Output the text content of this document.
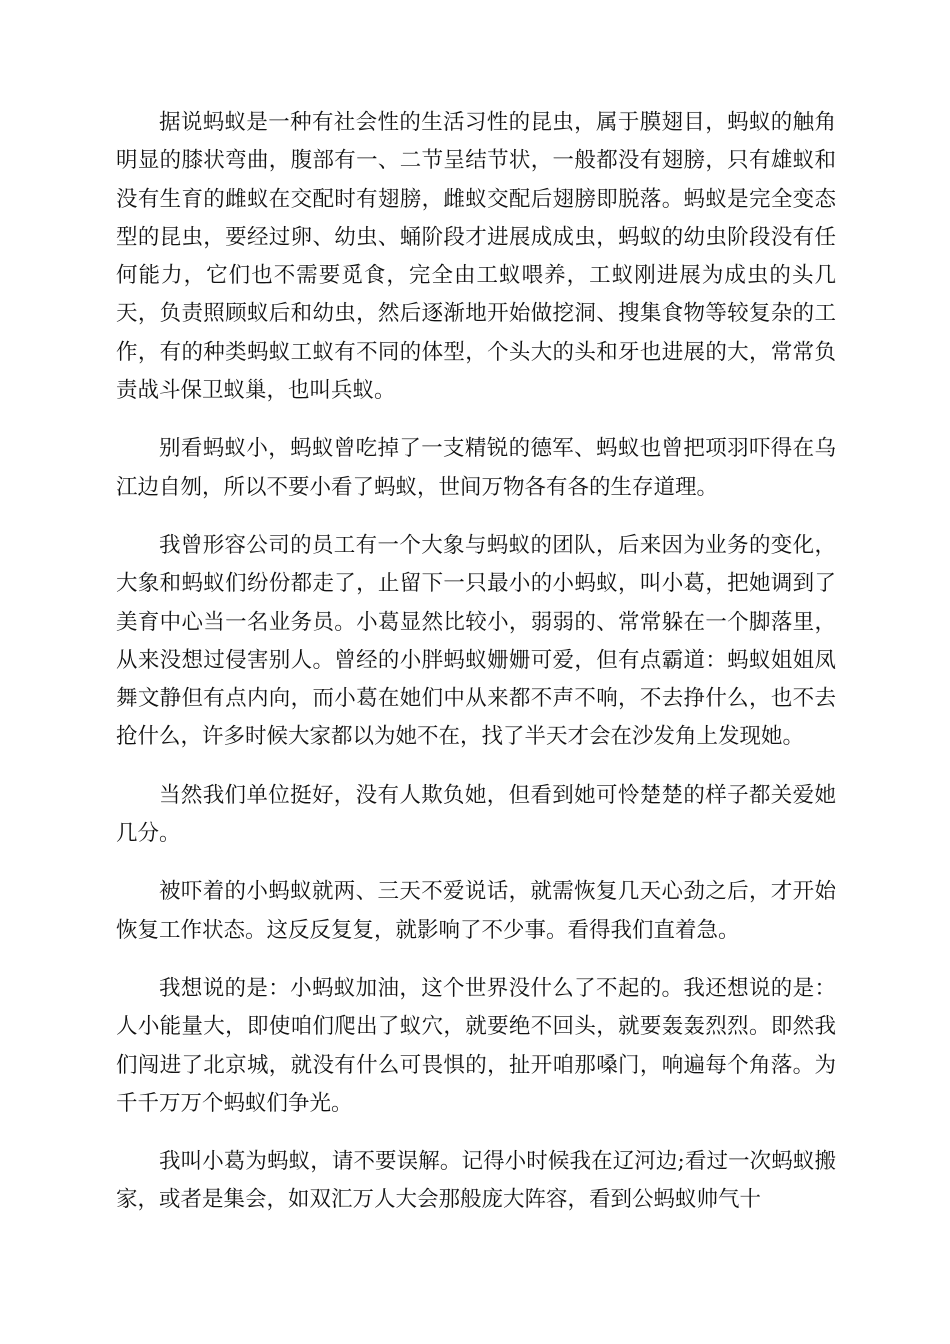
据说蚂蚁是一种有社会性的生活习性的昆虫，属于膜翅目，蚂蚁的触角明显的膝状弯曲，腹部有一、二节呈结节状，一般都没有翅膀，只有雄蚁和没有生育的雌蚁在交配时有翅膀，雌蚁交配后翅膀即脱落。蚂蚁是完全变态型的昆虫，要经过卵、幼虫、蛹阶段才进展成成虫，蚂蚁的幼虫阶段没有任何能力，它们也不需要觅食，完全由工蚁喂养，工蚁刚进展为成虫的头几天，负责照顾蚁后和幼虫，然后逐渐地开始做挖洞、搜集食物等较复杂的工作，有的种类蚂蚁工蚁有不同的体型，个头大的头和牙也进展的大，常常负责战斗保卫蚁巢，也叫兵蚁。

别看蚂蚁小，蚂蚁曾吃掉了一支精锐的德军、蚂蚁也曾把项羽吓得在乌江边自刎，所以不要小看了蚂蚁，世间万物各有各的生存道理。

我曾形容公司的员工有一个大象与蚂蚁的团队，后来因为业务的变化，大象和蚂蚁们纷份都走了，止留下一只最小的小蚂蚁，叫小葛，把她调到了美育中心当一名业务员。小葛显然比较小，弱弱的、常常躲在一个脚落里，从来没想过侵害别人。曾经的小胖蚂蚁姗姗可爱，但有点霸道：蚂蚁姐姐凤舞文静但有点内向，而小葛在她们中从来都不声不响，不去挣什么，也不去抢什么，许多时候大家都以为她不在，找了半天才会在沙发角上发现她。

当然我们单位挺好，没有人欺负她，但看到她可怜楚楚的样子都关爱她几分。

被吓着的小蚂蚁就两、三天不爱说话，就需恢复几天心劲之后，才开始恢复工作状态。这反反复复，就影响了不少事。看得我们直着急。

我想说的是：小蚂蚁加油，这个世界没什么了不起的。我还想说的是：   人小能量大，即使咱们爬出了蚁穴，就要绝不回头，就要轰轰烈烈。即然我们闯进了北京城，就没有什么可畏惧的，扯开咱那嗓门，响遍每个角落。为千千万万个蚂蚁们争光。

我叫小葛为蚂蚁，请不要误解。记得小时候我在辽河边;看过一次蚂蚁搬家，或者是集会，如双汇万人大会那般庞大阵容，看到公蚂蚁帅气十
